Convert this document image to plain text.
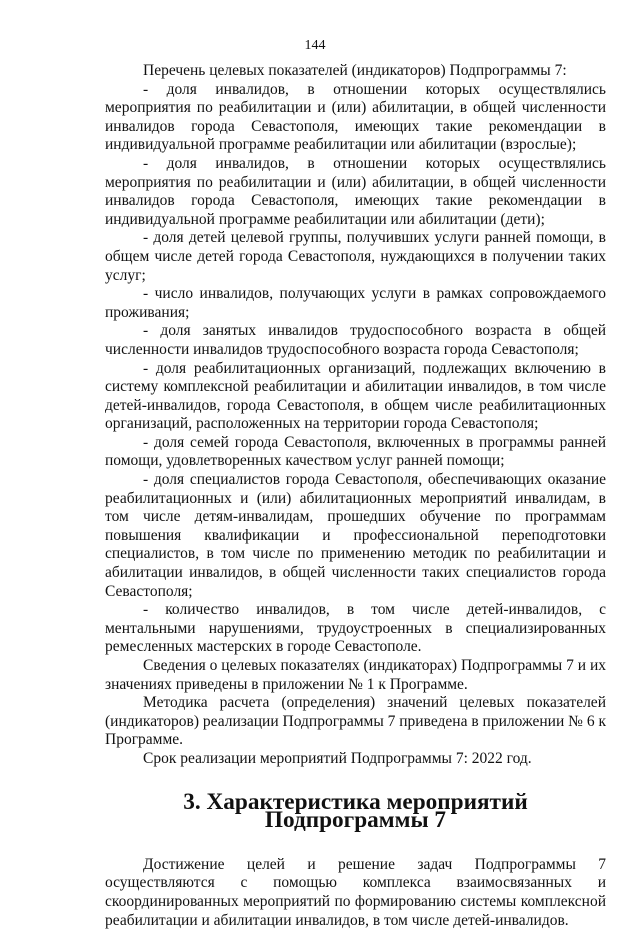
144

Перечень целевых показателей (индикаторов) Подпрограммы 7:

- доля инвалидов, в отношении которых осуществлялись мероприятия по реабилитации и (или) абилитации, в общей численности инвалидов города Севастополя, имеющих такие рекомендации в индивидуальной программе реабилитации или абилитации (взрослые);

- доля инвалидов, в отношении которых осуществлялись мероприятия по реабилитации и (или) абилитации, в общей численности инвалидов города Севастополя, имеющих такие рекомендации в индивидуальной программе реабилитации или абилитации (дети);

- доля детей целевой группы, получивших услуги ранней помощи, в общем числе детей города Севастополя, нуждающихся в получении таких услуг;

- число инвалидов, получающих услуги в рамках сопровождаемого проживания;

- доля занятых инвалидов трудоспособного возраста в общей численности инвалидов трудоспособного возраста города Севастополя;

- доля реабилитационных организаций, подлежащих включению в систему комплексной реабилитации и абилитации инвалидов, в том числе детей-инвалидов, города Севастополя, в общем числе реабилитационных организаций, расположенных на территории города Севастополя;

- доля семей города Севастополя, включенных в программы ранней помощи, удовлетворенных качеством услуг ранней помощи;

- доля специалистов города Севастополя, обеспечивающих оказание реабилитационных и (или) абилитационных мероприятий инвалидам, в том числе детям-инвалидам, прошедших обучение по программам повышения квалификации и профессиональной переподготовки специалистов, в том числе по применению методик по реабилитации и абилитации инвалидов, в общей численности таких специалистов города Севастополя;

- количество инвалидов, в том числе детей-инвалидов, с ментальными нарушениями, трудоустроенных в специализированных ремесленных мастерских в городе Севастополе.

Сведения о целевых показателях (индикаторах) Подпрограммы 7 и их значениях приведены в приложении № 1 к Программе.

Методика расчета (определения) значений целевых показателей (индикаторов) реализации Подпрограммы 7 приведена в приложении № 6 к Программе.

Срок реализации мероприятий Подпрограммы 7: 2022 год.

3. Характеристика мероприятий Подпрограммы 7

Достижение целей и решение задач Подпрограммы 7 осуществляются с помощью комплекса взаимосвязанных и скоординированных мероприятий по формированию системы комплексной реабилитации и абилитации инвалидов, в том числе детей-инвалидов.
